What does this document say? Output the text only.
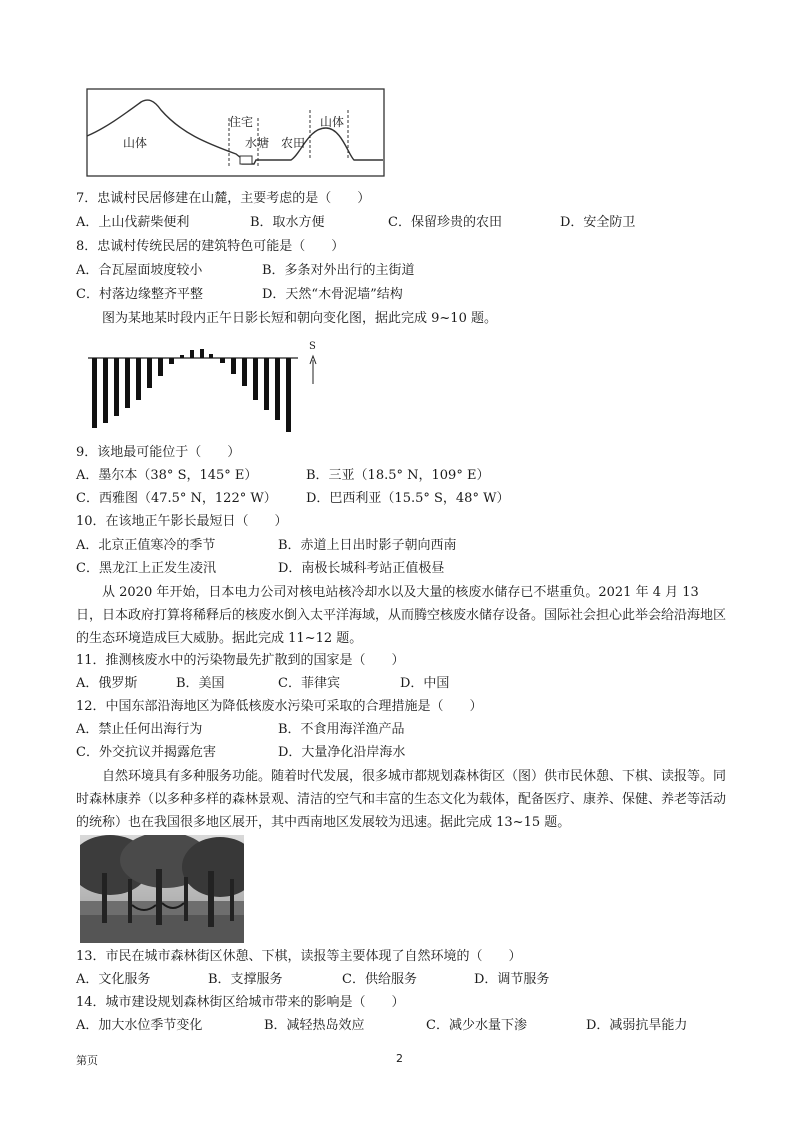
山体
住宅
水塘 农田
山体
7．忠诚村民居修建在山麓，主要考虑的是（　　）
A．上山伐薪柴便利	B．取水方便	C．保留珍贵的农田	D．安全防卫
8．忠诚村传统民居的建筑特色可能是（　　）
A．合瓦屋面坡度较小	B．多条对外出行的主街道
C．村落边缘整齐平整	D．天然“木骨泥墙”结构
图为某地某时段内正午日影长短和朝向变化图，据此完成 9~10 题。
S
9．该地最可能位于（　　）
A．墨尔本（38° S，145° E）	B．三亚（18.5° N，109° E）
C．西雅图（47.5° N，122° W） D．巴西利亚（15.5° S，48° W）
10．在该地正午影长最短日（　　）
A．北京正值寒冷的季节	B．赤道上日出时影子朝向西南
C．黑龙江上正发生凌汛	D．南极长城科考站正值极昼
从 2020 年开始，日本电力公司对核电站核冷却水以及大量的核废水储存已不堪重负。2021 年 4 月 13 日，日本政府打算将稀释后的核废水倒入太平洋海域，从而腾空核废水储存设备。国际社会担心此举会给沿海地区的生态环境造成巨大威胁。据此完成 11~12 题。
11．推测核废水中的污染物最先扩散到的国家是（　　）
A．俄罗斯	B．美国	C．菲律宾	D．中国
12．中国东部沿海地区为降低核废水污染可采取的合理措施是（　　）
A．禁止任何出海行为	B．不食用海洋渔产品
C．外交抗议并揭露危害	D．大量净化沿岸海水
自然环境具有多种服务功能。随着时代发展，很多城市都规划森林街区（图）供市民休憩、下棋、读报等。同时森林康养（以多种多样的森林景观、清洁的空气和丰富的生态文化为载体，配备医疗、康养、保健、养老等活动的统称）也在我国很多地区展开，其中西南地区发展较为迅速。据此完成 13~15 题。
13．市民在城市森林街区休憩、下棋，读报等主要体现了自然环境的（　　）
A．文化服务	B．支撑服务	C．供给服务	D．调节服务
14．城市建设规划森林街区给城市带来的影响是（　　）
A．加大水位季节变化	B．减轻热岛效应	C．减少水量下渗	D．减弱抗旱能力
第页	2
